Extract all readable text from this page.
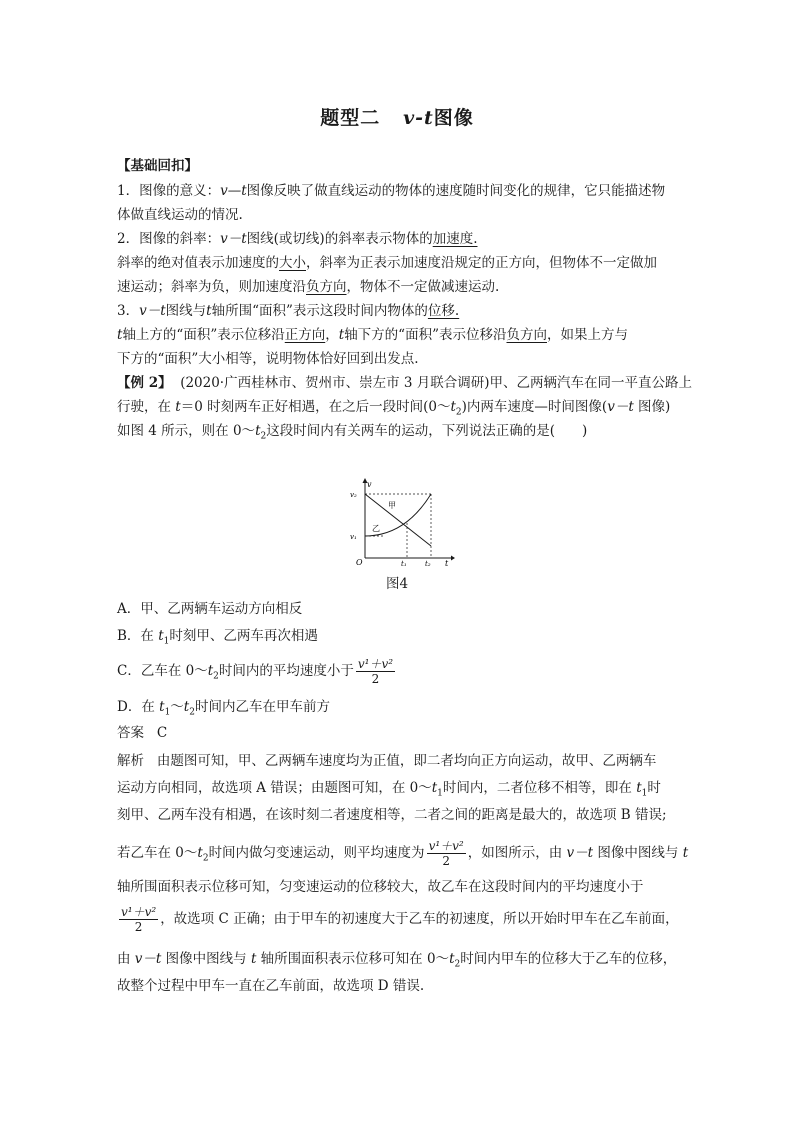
题型二 v-t图像
【基础回扣】
1．图像的意义：v—t图像反映了做直线运动的物体的速度随时间变化的规律，它只能描述物
体做直线运动的情况.
2．图像的斜率：v－t图线(或切线)的斜率表示物体的加速度.
斜率的绝对值表示加速度的大小，斜率为正表示加速度沿规定的正方向，但物体不一定做加
速运动；斜率为负，则加速度沿负方向，物体不一定做减速运动.
3．v－t图线与t轴所围“面积”表示这段时间内物体的位移.
t轴上方的“面积”表示位移沿正方向，t轴下方的“面积”表示位移沿负方向，如果上方与
下方的“面积”大小相等，说明物体恰好回到出发点.
【例 2】 (2020·广西桂林市、贺州市、崇左市 3 月联合调研)甲、乙两辆汽车在同一平直公路上
行驶，在 t＝0 时刻两车正好相遇，在之后一段时间$(0\sim t_2)$内两车速度—时间图像(v－t 图像)
如图 4 所示，则在 $0\sim t_2$这段时间内有关两车的运动，下列说法正确的是(　　)
v
v₂
v₁
O	t₁	t₂ t
甲
乙
图4
A．甲、乙两辆车运动方向相反
B．在 $t_1$时刻甲、乙两车再次相遇
C．乙车在 $0\sim t_2$时间内的平均速度小于 $\frac{\text{v¹＋v²}}{2}$
D．在 $t_1\sim t_2$时间内乙车在甲车前方
答案 C
解析 由题图可知，甲、乙两辆车速度均为正值，即二者均向正方向运动，故甲、乙两辆车
运动方向相同，故选项 A 错误；由题图可知，在 $0\sim t_1$时间内，二者位移不相等，即在 $t_1$时
刻甲、乙两车没有相遇，在该时刻二者速度相等，二者之间的距离是最大的，故选项 B 错误;
若乙车在 $0\sim t_2$时间内做匀变速运动，则平均速度为 $\frac{\text{v¹＋v²}}{2}$ ，如图所示，由 v－t 图像中图线与 t
轴所围面积表示位移可知，匀变速运动的位移较大，故乙车在这段时间内的平均速度小于
$\frac{\text{v¹＋v²}}{2}$ ，故选项 C 正确；由于甲车的初速度大于乙车的初速度，所以开始时甲车在乙车前面，
由 v－t 图像中图线与 t 轴所围面积表示位移可知在 $0\sim t_2$时间内甲车的位移大于乙车的位移，
故整个过程中甲车一直在乙车前面，故选项 D 错误.
